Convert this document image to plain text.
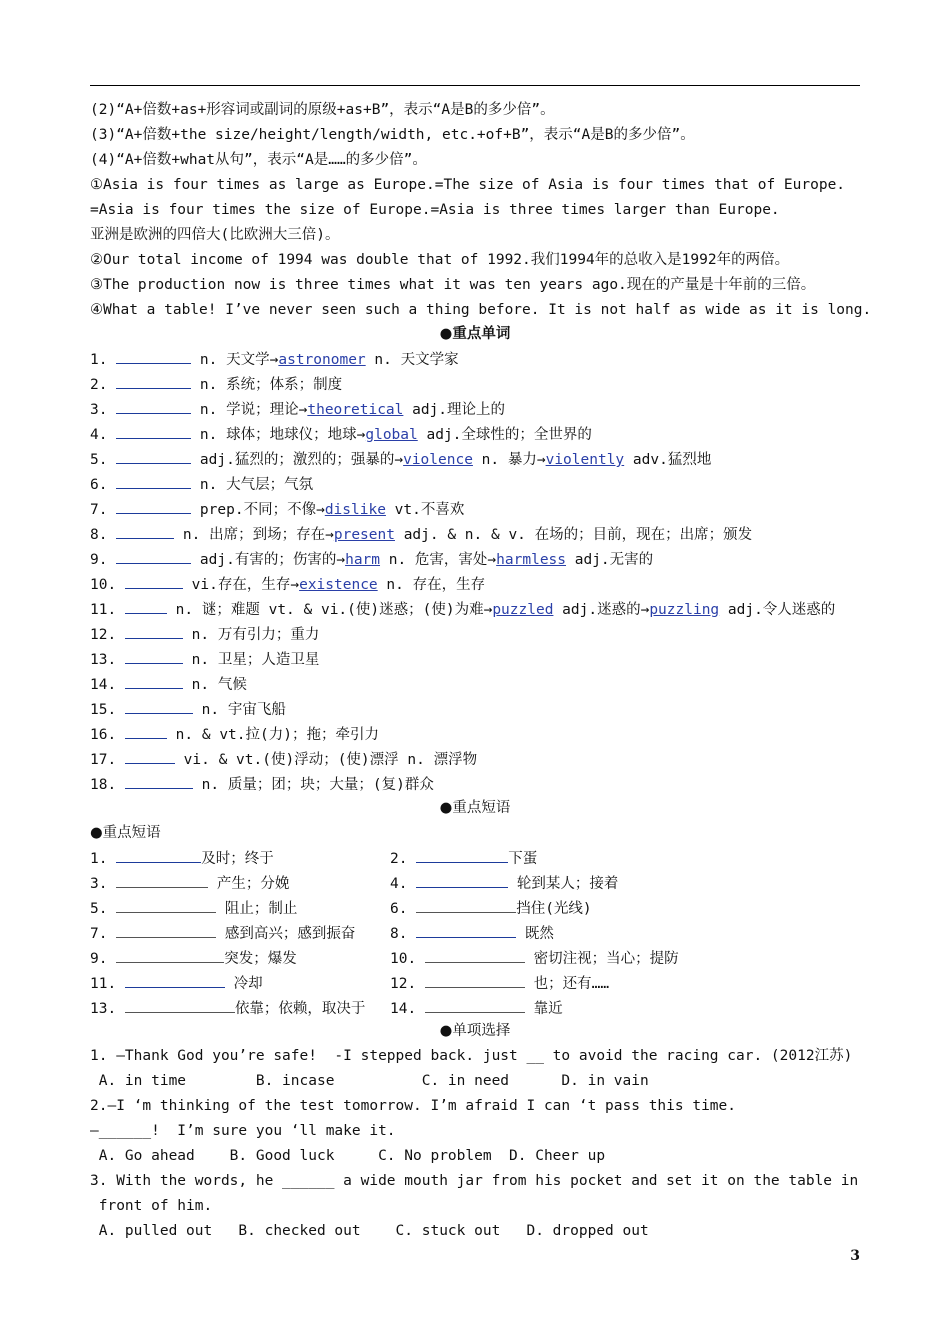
(2)“A+倍数+as+形容词或副词的原级+as+B”，表示“A是B的多少倍”。
(3)“A+倍数+the size/height/length/width, etc.+of+B”，表示“A是B的多少倍”。
(4)“A+倍数+what从句”，表示“A是……的多少倍”。
①Asia is four times as large as Europe.=The size of Asia is four times that of Europe.
=Asia is four times the size of Europe.=Asia is three times larger than Europe.
亚洲是欧洲的四倍大(比欧洲大三倍)。
②Our total income of 1994 was double that of 1992.我们1994年的总收入是1992年的两倍。
③The production now is three times what it was ten years ago.现在的产量是十年前的三倍。
④What a table! I’ve never seen such a thing before. It is not half as wide as it is long.
●重点单词
1.	n. 天文学→astronomer n. 天文学家
2.	n. 系统；体系；制度
3.	n. 学说；理论→theoretical adj.理论上的
4.	n. 球体；地球仪；地球→global adj.全球性的；全世界的
5.	adj.猛烈的；激烈的；强暴的→violence n. 暴力→violently adv.猛烈地
6.	n. 大气层；气氛
7.	prep.不同；不像→dislike vt.不喜欢
8.	n. 出席；到场；存在→present adj. & n. & v. 在场的；目前，现在；出席；颁发
9.	adj.有害的；伤害的→harm n. 危害，害处→harmless adj.无害的
10.	vi.存在，生存→existence n. 存在，生存
11.	n. 谜；难题 vt. & vi.(使)迷惑；(使)为难→puzzled adj.迷惑的→puzzling adj.令人迷惑的
12.	n. 万有引力；重力
13.	n. 卫星；人造卫星
14.	n. 气候
15.	n. 宇宙飞船
16.	n. & vt.拉(力)；拖；牵引力
17.	vi. & vt.(使)浮动；(使)漂浮 n. 漂浮物
18.	n. 质量；团；块；大量；(复)群众
●重点短语
●重点短语
1.	及时；终于	2.	下蛋
3.	产生；分娩	4.	轮到某人；接着
5.	阻止；制止	6.	挡住(光线)
7.	感到高兴；感到振奋 8.	既然
9.	突发；爆发	10.	密切注视；当心；提防
11.	冷却	12.	也；还有……
13.	依靠；依赖，取决于 14.	靠近
●单项选择
1. –Thank God you’re safe!  -I stepped back. just __ to avoid the racing car. (2012江苏)
A. in time        B. incase          C. in need      D. in vain
2.—I ‘m thinking of the test tomorrow. I’m afraid I can ‘t pass this time.
—______!  I’m sure you ‘ll make it.
A. Go ahead    B. Good luck     C. No problem  D. Cheer up
3. With the words, he ______ a wide mouth jar from his pocket and set it on the table in
front of him.
A. pulled out   B. checked out    C. stuck out   D. dropped out
3
